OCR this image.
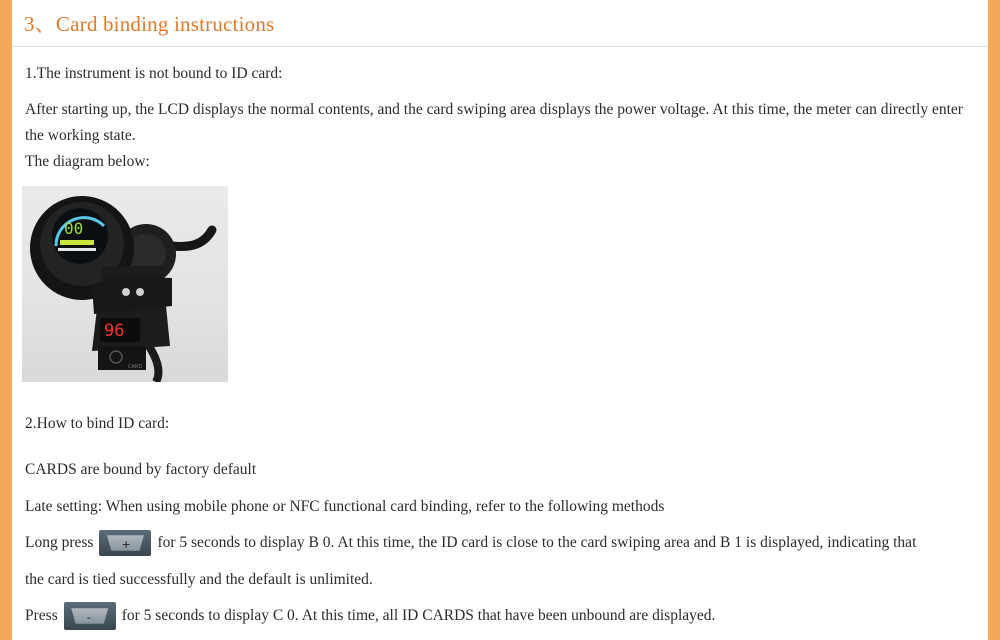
3、Card binding instructions
1.The instrument is not bound to ID card:
After starting up, the LCD displays the normal contents, and the card swiping area displays the power voltage. At this time, the meter can directly enter the working state.
The diagram below:
00
96
CARD
2.How to bind ID card:
CARDS are bound by factory default
Late setting: When using mobile phone or NFC functional card binding, refer to the following methods
Long press	+ for 5 seconds to display B 0. At this time, the ID card is close to the card swiping area and B 1 is displayed, indicating that
the card is tied successfully and the default is unlimited.
Press	- for 5 seconds to display C 0. At this time, all ID CARDS that have been unbound are displayed.
